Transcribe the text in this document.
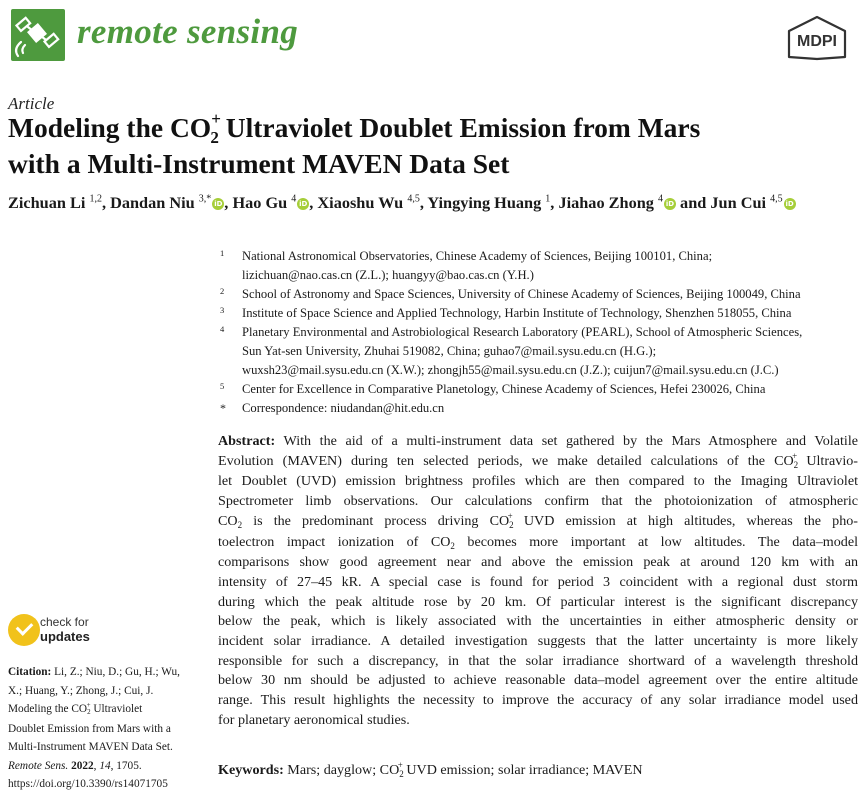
remote sensing	MDPI
Article
Modeling the $CO^+_2$ Ultraviolet Doublet Emission from Mars
with a Multi-Instrument MAVEN Data Set
Zichuan Li $^{1,2}$, Dandan Niu $^{3,*}$ iD , Hao Gu $^4$ iD , Xiaoshu Wu $^{4,5}$, Yingying Huang $^1$, Jiahao Zhong $^4$ iD and Jun Cui $^{4,5}$ iD
1 National Astronomical Observatories, Chinese Academy of Sciences, Beijing 100101, China;
lizichuan@nao.cas.cn (Z.L.); huangyy@bao.cas.cn (Y.H.)
2 School of Astronomy and Space Sciences, University of Chinese Academy of Sciences, Beijing 100049, China
3 Institute of Space Science and Applied Technology, Harbin Institute of Technology, Shenzhen 518055, China
4 Planetary Environmental and Astrobiological Research Laboratory (PEARL), School of Atmospheric Sciences,
Sun Yat-sen University, Zhuhai 519082, China; guhao7@mail.sysu.edu.cn (H.G.);
wuxsh23@mail.sysu.edu.cn (X.W.); zhongjh55@mail.sysu.edu.cn (J.Z.); cuijun7@mail.sysu.edu.cn (J.C.)
5 Center for Excellence in Comparative Planetology, Chinese Academy of Sciences, Hefei 230026, China
* Correspondence: niudandan@hit.edu.cn
Abstract: With the aid of a multi-instrument data set gathered by the Mars Atmosphere and Volatile
Evolution (MAVEN) during ten selected periods, we make detailed calculations of the $CO_2^+$ Ultravio-
let Doublet (UVD) emission brightness profiles which are then compared to the Imaging Ultraviolet
Spectrometer limb observations. Our calculations confirm that the photoionization of atmospheric
$CO_2$ is the predominant process driving $CO_2^+$ UVD emission at high altitudes, whereas the pho-
toelectron impact ionization of $CO_2$ becomes more important at low altitudes. The data–model
comparisons show good agreement near and above the emission peak at around 120 km with an
intensity of 27–45 kR. A special case is found for period 3 coincident with a regional dust storm
during which the peak altitude rose by 20 km. Of particular interest is the significant discrepancy
below the peak, which is likely associated with the uncertainties in either atmospheric density or
incident solar irradiance. A detailed investigation suggests that the latter uncertainty is more likely
responsible for such a discrepancy, in that the solar irradiance shortward of a wavelength threshold
below 30 nm should be adjusted to achieve reasonable data–model agreement over the entire altitude
range. This result highlights the necessity to improve the accuracy of any solar irradiance model used
for planetary aeronomical studies.
Keywords: Mars; dayglow; $CO_2^+$ UVD emission; solar irradiance; MAVEN
check for
updates
Citation: Li, Z.; Niu, D.; Gu, H.; Wu,
X.; Huang, Y.; Zhong, J.; Cui, J.
Modeling the CO2+ Ultraviolet
Doublet Emission from Mars with a
Multi-Instrument MAVEN Data Set.
Remote Sens. 2022, 14, 1705.
https://doi.org/10.3390/rs14071705
